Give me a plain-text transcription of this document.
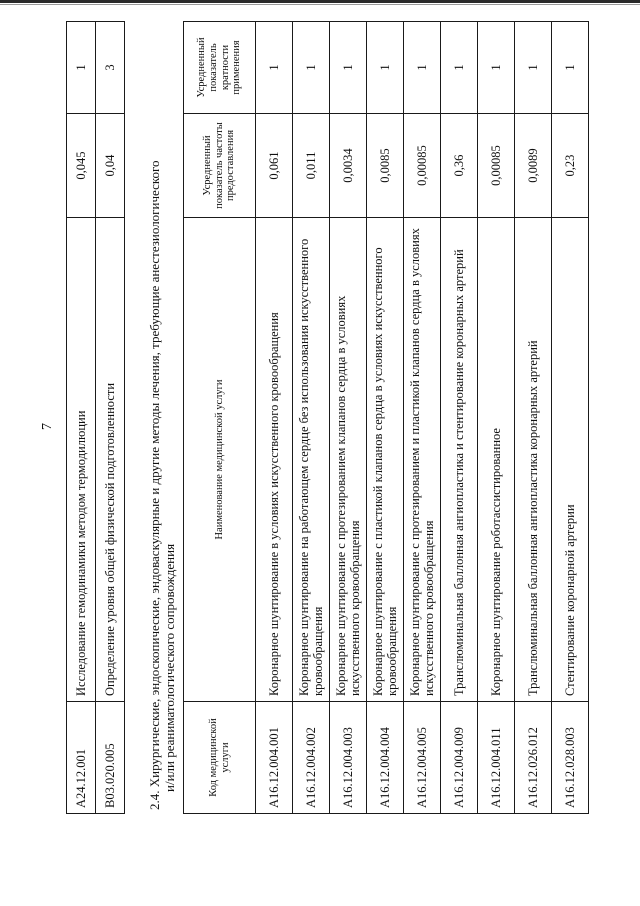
7
A24.12.001	Исследование гемодинамики методом термодилюции	0,045	1
B03.020.005	Определение уровня общей физической подготовленности	0,04	3
2.4. Хирургические, эндоскопические, эндоваскулярные и другие методы лечения, требующие анестезиологического и/или реаниматологического сопровождения	Код медицинской услуги	Наименование медицинской услуги	Усредненный показатель частоты предоставления	Усредненный показатель кратности применения
A16.12.004.001	Коронарное шунтирование в условиях искусственного кровообращения	0,061	1
A16.12.004.002	Коронарное шунтирование на работающем сердце без использования искусственного кровообращения	0,011	1
A16.12.004.003	Коронарное шунтирование с протезированием клапанов сердца в условиях искусственного кровообращения	0,0034	1
A16.12.004.004	Коронарное шунтирование с пластикой клапанов сердца в условиях искусственного кровообращения	0,0085	1
A16.12.004.005	Коронарное шунтирование с протезированием и пластикой клапанов сердца в условиях искусственного кровообращения	0,00085	1
A16.12.004.009	Транслюминальная баллонная ангиопластика и стентирование коронарных артерий	0,36	1
A16.12.004.011	Коронарное шунтирование роботассистированное	0,00085	1
A16.12.026.012	Транслюминальная баллонная ангиопластика коронарных артерий	0,0089	1
A16.12.028.003	Стентирование коронарной артерии	0,23	1
